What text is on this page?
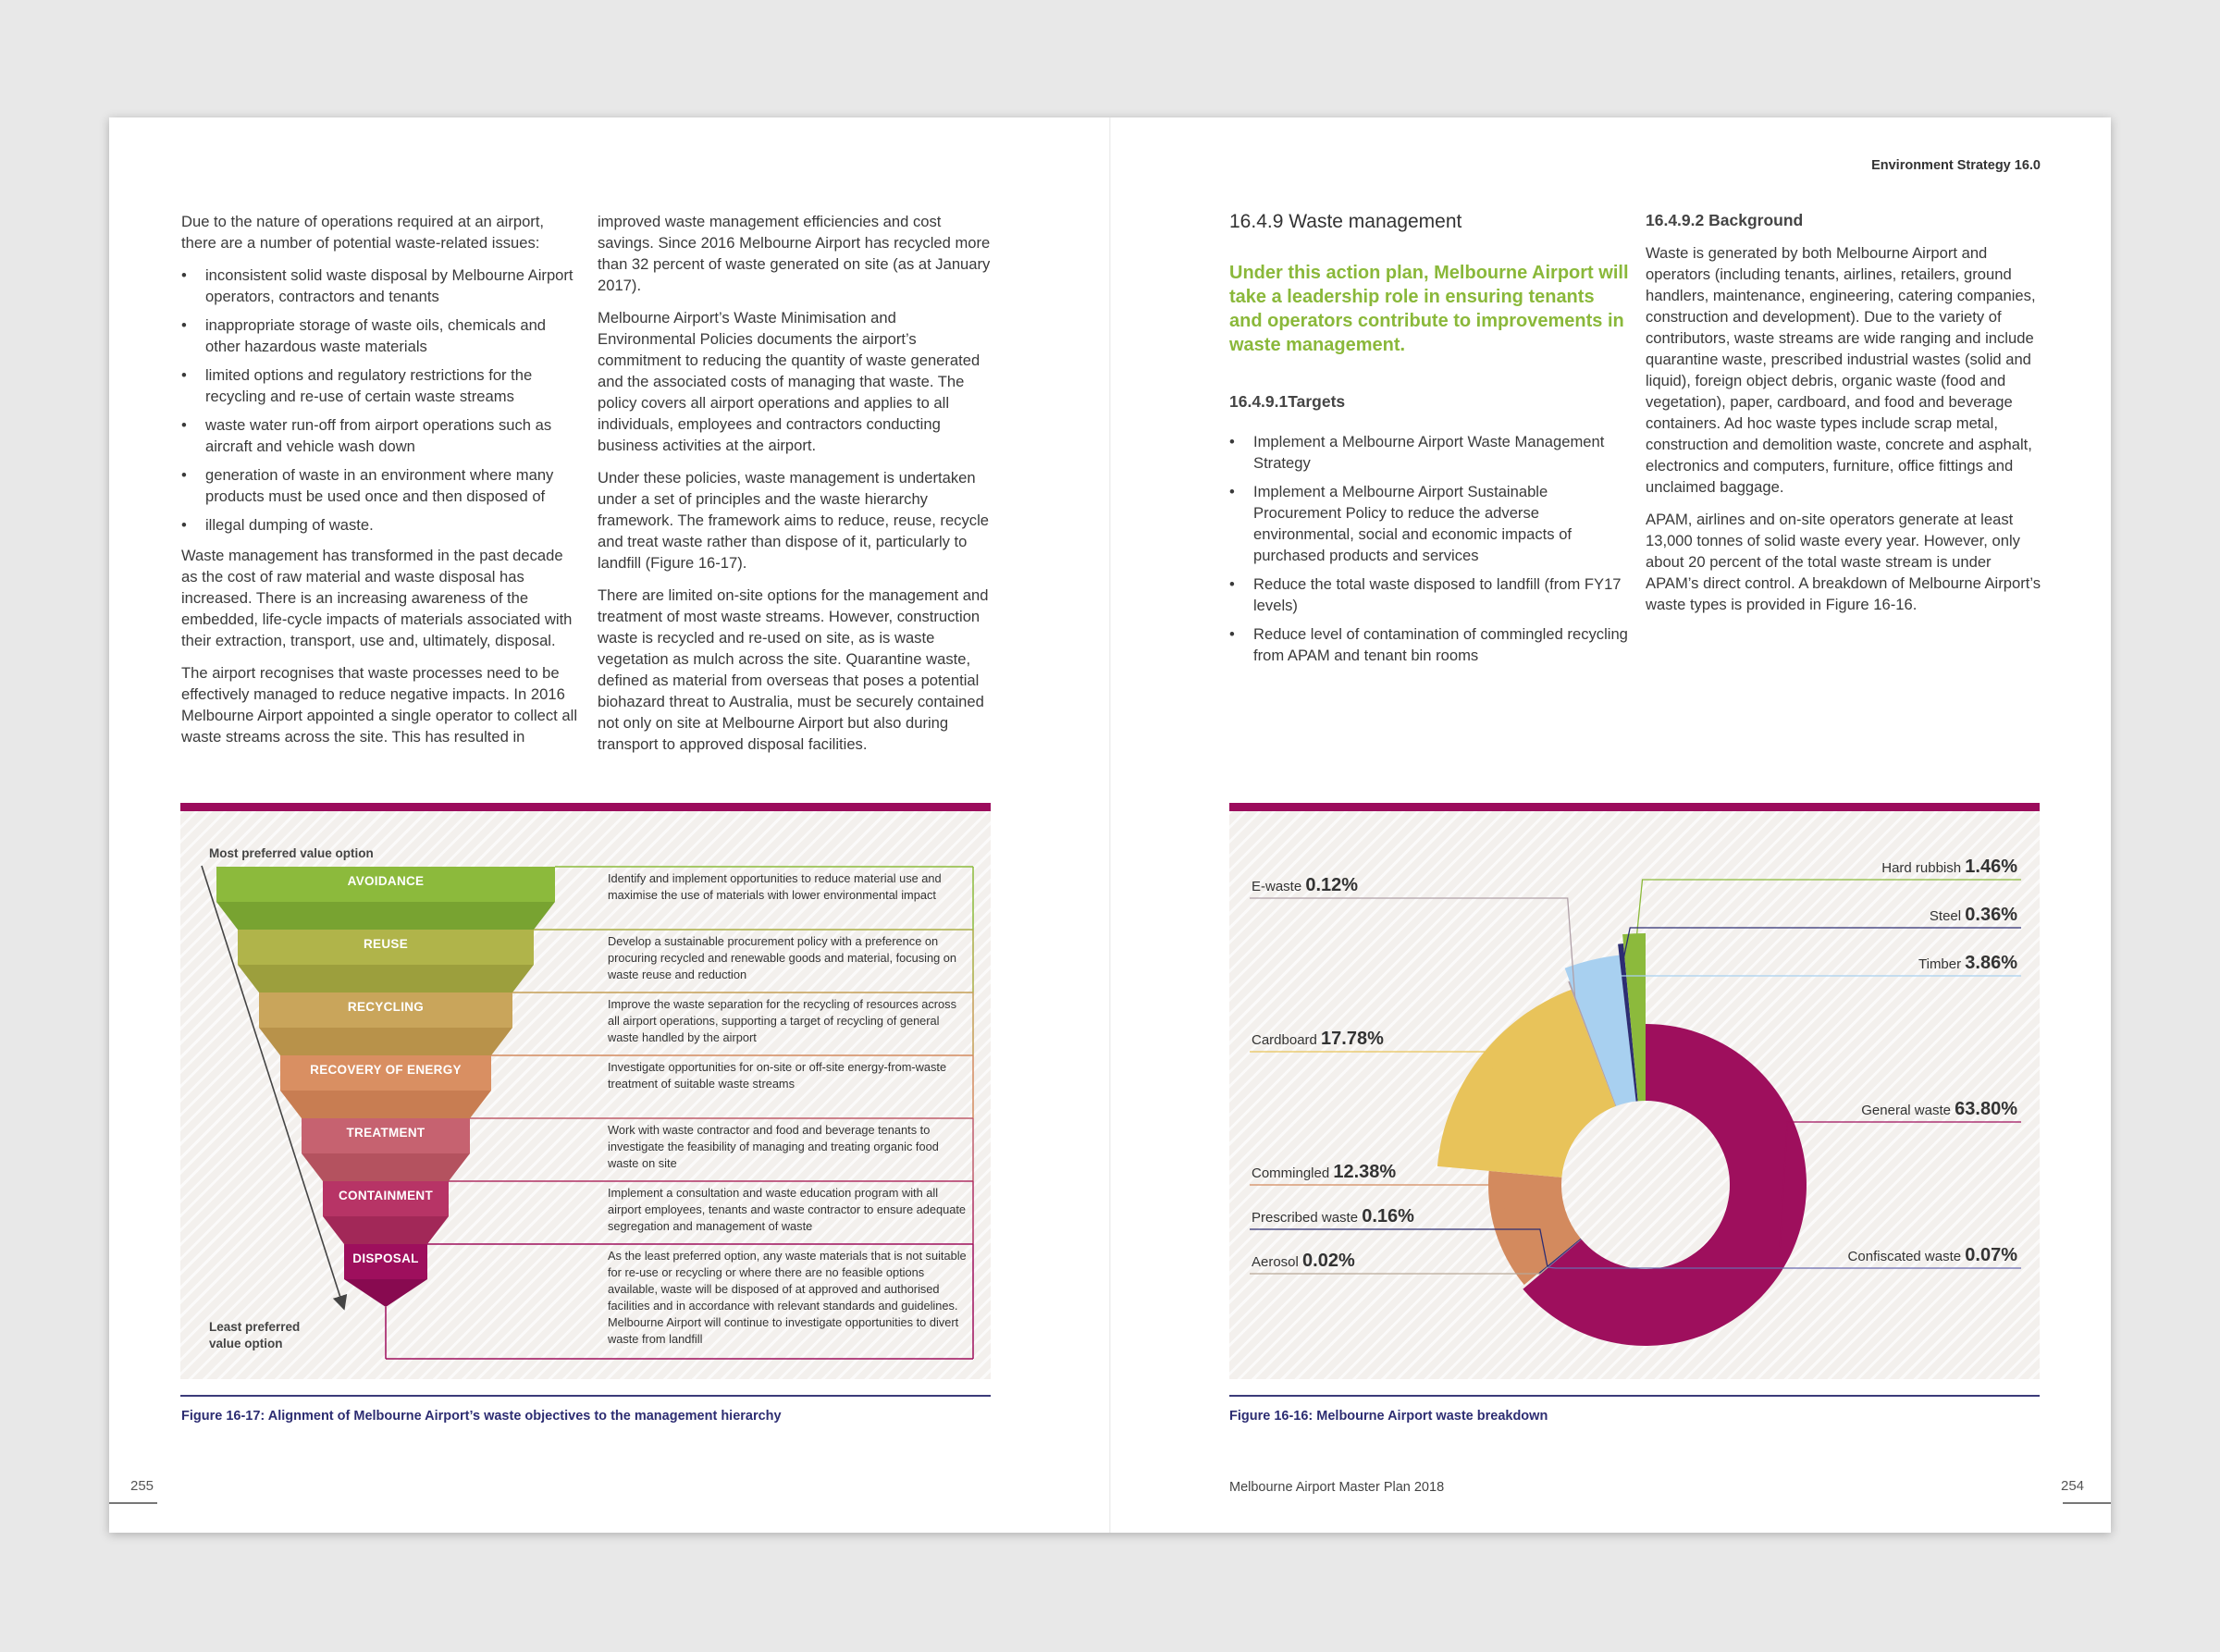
Due to the nature of operations required at an airport, there are a number of potential waste-related issues:

• inconsistent solid waste disposal by Melbourne Airport operators, contractors and tenants
• inappropriate storage of waste oils, chemicals and other hazardous waste materials
• limited options and regulatory restrictions for the recycling and re-use of certain waste streams
• waste water run-off from airport operations such as aircraft and vehicle wash down
• generation of waste in an environment where many products must be used once and then disposed of
• illegal dumping of waste.

Waste management has transformed in the past decade as the cost of raw material and waste disposal has increased. There is an increasing awareness of the embedded, life-cycle impacts of materials associated with their extraction, transport, use and, ultimately, disposal.

The airport recognises that waste processes need to be effectively managed to reduce negative impacts. In 2016 Melbourne Airport appointed a single operator to collect all waste streams across the site. This has resulted in

improved waste management efficiencies and cost savings. Since 2016 Melbourne Airport has recycled more than 32 percent of waste generated on site (as at January 2017).

Melbourne Airport’s Waste Minimisation and Environmental Policies documents the airport’s commitment to reducing the quantity of waste generated and the associated costs of managing that waste. The policy covers all airport operations and applies to all individuals, employees and contractors conducting business activities at the airport.

Under these policies, waste management is undertaken under a set of principles and the waste hierarchy framework. The framework aims to reduce, reuse, recycle and treat waste rather than dispose of it, particularly to landfill (Figure 16-17).

There are limited on-site options for the management and treatment of most waste streams. However, construction waste is recycled and re-used on site, as is waste vegetation as mulch across the site. Quarantine waste, defined as material from overseas that poses a potential biohazard threat to Australia, must be securely contained not only on site at Melbourne Airport but also during transport to approved disposal facilities.

Most preferred value option
Least preferred
value option
AVOIDANCE
REUSE
RECYCLING
RECOVERY OF ENERGY
TREATMENT
CONTAINMENT
DISPOSAL
Identify and implement opportunities to reduce material use and maximise the use of materials with lower environmental impact
Develop a sustainable procurement policy with a preference on procuring recycled and renewable goods and material, focusing on waste reuse and reduction
Improve the waste separation for the recycling of resources across all airport operations, supporting a target of recycling of general waste handled by the airport
Investigate opportunities for on-site or off-site energy-from-waste treatment of suitable waste streams
Work with waste contractor and food and beverage tenants to investigate the feasibility of managing and treating organic food waste on site
Implement a consultation and waste education program with all airport employees, tenants and waste contractor to ensure adequate segregation and management of waste
As the least preferred option, any waste materials that is not suitable for re-use or recycling or where there are no feasible options available, waste will be disposed of at approved and authorised facilities and in accordance with relevant standards and guidelines. Melbourne Airport will continue to investigate opportunities to divert waste from landfill
Figure 16-17: Alignment of Melbourne Airport’s waste objectives to the management hierarchy
255
Environment Strategy 16.0
16.4.9 Waste management
Under this action plan, Melbourne Airport will take a leadership role in ensuring tenants and operators contribute to improvements in waste management.
16.4.9.1Targets
• Implement a Melbourne Airport Waste Management Strategy
• Implement a Melbourne Airport Sustainable Procurement Policy to reduce the adverse environmental, social and economic impacts of purchased products and services
• Reduce the total waste disposed to landfill (from FY17 levels)
• Reduce level of contamination of commingled recycling from APAM and tenant bin rooms
16.4.9.2 Background

Waste is generated by both Melbourne Airport and operators (including tenants, airlines, retailers, ground handlers, maintenance, engineering, catering companies, construction and development). Due to the variety of contributors, waste streams are wide ranging and include quarantine waste, prescribed industrial wastes (solid and liquid), foreign object debris, organic waste (food and vegetation), paper, cardboard, and food and beverage containers. Ad hoc waste types include scrap metal, construction and demolition waste, concrete and asphalt, electronics and computers, furniture, office fittings and unclaimed baggage.

APAM, airlines and on-site operators generate at least 13,000 tonnes of solid waste every year. However, only about 20 percent of the total waste stream is under APAM’s direct control. A breakdown of Melbourne Airport’s waste types is provided in Figure 16-16.

Hard rubbish 1.46%
Steel 0.36%
Timber 3.86%
General waste 63.80%
Confiscated waste 0.07%
E-waste 0.12%
Cardboard 17.78%
Commingled 12.38%
Prescribed waste 0.16%
Aerosol 0.02%
Figure 16-16: Melbourne Airport waste breakdown
Melbourne Airport Master Plan 2018	254
